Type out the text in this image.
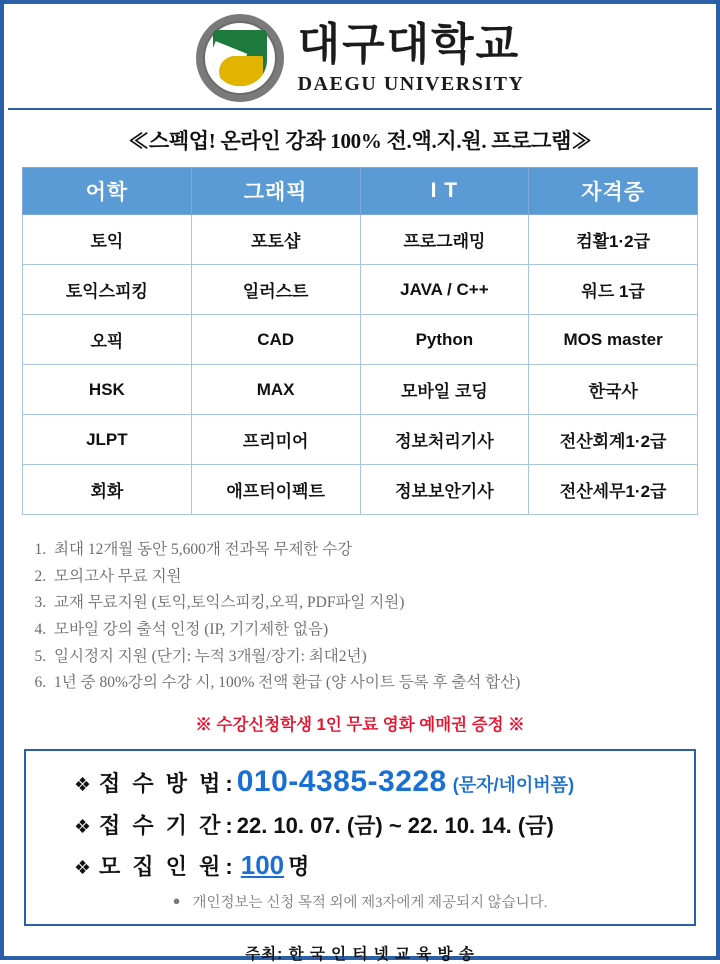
대구대학교
DAEGU UNIVERSITY
≪스펙업! 온라인 강좌 100% 전.액.지.원. 프로그램≫
어학	그래픽	I T	자격증
토익	포토샵	프로그래밍	컴활1·2급
토익스피킹	일러스트	JAVA / C++	워드 1급
오픽	CAD	Python	MOS master
HSK	MAX	모바일 코딩	한국사
JLPT	프리미어	정보처리기사	전산회계1·2급
회화	애프터이펙트	정보보안기사	전산세무1·2급
1. 최대 12개월 동안 5,600개 전과목 무제한 수강
2. 모의고사 무료 지원
3. 교재 무료지원 (토익,토익스피킹,오픽, PDF파일 지원)
4. 모바일 강의 출석 인정 (IP, 기기제한 없음)
5. 일시정지 지원 (단기: 누적 3개월/장기: 최대2년)
6. 1년 중 80%강의 수강 시, 100% 전액 환급 (양 사이트 등록 후 출석 합산)
※ 수강신청학생 1인 무료 영화 예매권 증정 ※
❖ 접 수 방 법 : 010-4385-3228 (문자/네이버폼)
❖ 접 수 기 간 : 22. 10. 07. (금) ~ 22. 10. 14. (금)
❖ 모 집 인 원 : 100 명
● 개인정보는 신청 목적 외에 제3자에게 제공되지 않습니다.
주최: 한 국 인 터 넷 교 육 방 송
